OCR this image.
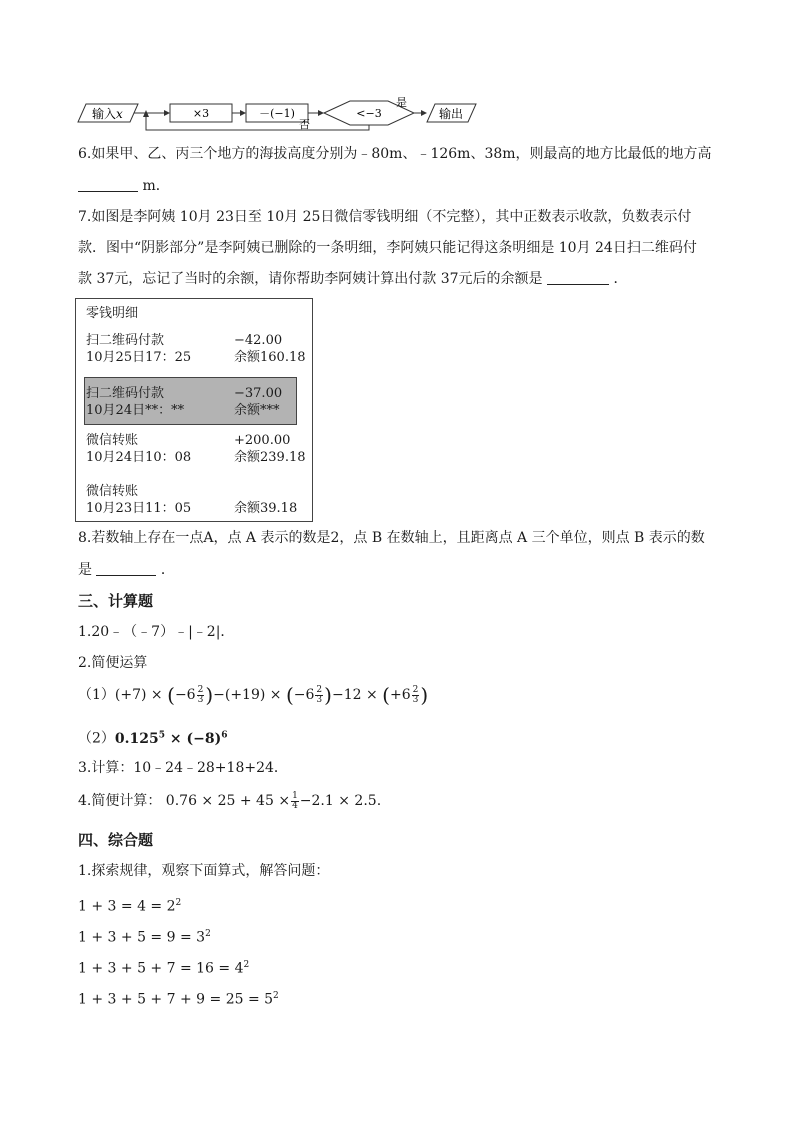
输入x	×3	－(−1)	<−3
是
输出
否
6.如果甲、乙、丙三个地方的海拔高度分别为﹣80m、﹣126m、38m，则最高的地方比最低的地方高
m．
7.如图是李阿姨 10月 23日至 10月 25日微信零钱明细（不完整），其中正数表示收款，负数表示付
款．图中“阴影部分”是李阿姨已删除的一条明细，李阿姨只能记得这条明细是 10月 24日扫二维码付
款 37元，忘记了当时的余额，请你帮助李阿姨计算出付款 37元后的余额是	．
零钱明细
扫二维码付款	−42.00
10月25日17：25	余额160.18
扫二维码付款	−37.00
10月24日**：**	余额***
微信转账	+200.00
10月24日10：08	余额239.18
微信转账
10月23日11：05	余额39.18
8.若数轴上存在一点A，点 A 表示的数是2，点 B 在数轴上，且距离点 A 三个单位，则点 B 表示的数
是	．
三、计算题
1.20﹣（﹣7）﹣|﹣2|．
2.简便运算
$(1)(+7) \times (-6 \frac{2}{3} )-(+19) \times (-6 \frac{2}{3} )-12 \times (+6 \frac{2}{3}$ )
$(2)0.125^5 \times (-8)^6$
3.计算：10﹣24﹣28+18+24．
4.简便计算： $0.76 \times 25 + 45 \times \frac{1}{4} -2.1 \times 2.5$.
四、综合题
1.探索规律，观察下面算式，解答问题：
$1 + 3 = 4 = 2^2$
$1 + 3 + 5 = 9 = 3^2$
$1 + 3 + 5 + 7 = 16 = 4^2$
$1 + 3 + 5 + 7 + 9 = 25 = 5^2$
